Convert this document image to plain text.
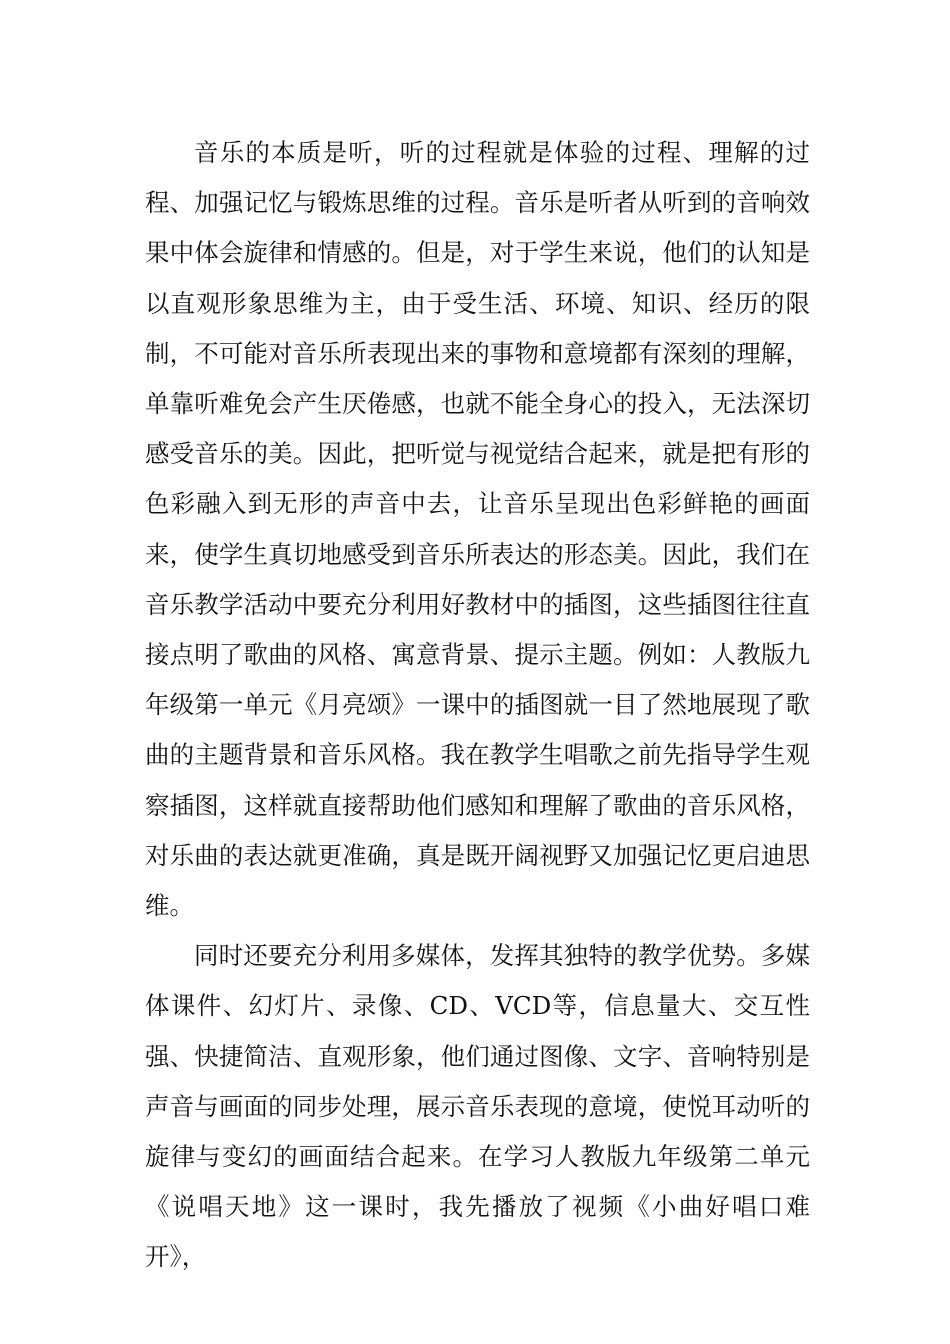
音乐的本质是听，听的过程就是体验的过程、理解的过程、加强记忆与锻炼思维的过程。音乐是听者从听到的音响效果中体会旋律和情感的。但是，对于学生来说，他们的认知是以直观形象思维为主，由于受生活、环境、知识、经历的限制，不可能对音乐所表现出来的事物和意境都有深刻的理解，单靠听难免会产生厌倦感，也就不能全身心的投入，无法深切感受音乐的美。因此，把听觉与视觉结合起来，就是把有形的色彩融入到无形的声音中去，让音乐呈现出色彩鲜艳的画面来，使学生真切地感受到音乐所表达的形态美。因此，我们在音乐教学活动中要充分利用好教材中的插图，这些插图往往直接点明了歌曲的风格、寓意背景、提示主题。例如：人教版九年级第一单元《月亮颂》一课中的插图就一目了然地展现了歌曲的主题背景和音乐风格。我在教学生唱歌之前先指导学生观察插图，这样就直接帮助他们感知和理解了歌曲的音乐风格，对乐曲的表达就更准确，真是既开阔视野又加强记忆更启迪思维。

同时还要充分利用多媒体，发挥其独特的教学优势。多媒体课件、幻灯片、录像、CD、VCD等，信息量大、交互性强、快捷简洁、直观形象，他们通过图像、文字、音响特别是声音与画面的同步处理，展示音乐表现的意境，使悦耳动听的旋律与变幻的画面结合起来。在学习人教版九年级第二单元《说唱天地》这一课时，我先播放了视频《小曲好唱口难开》，
